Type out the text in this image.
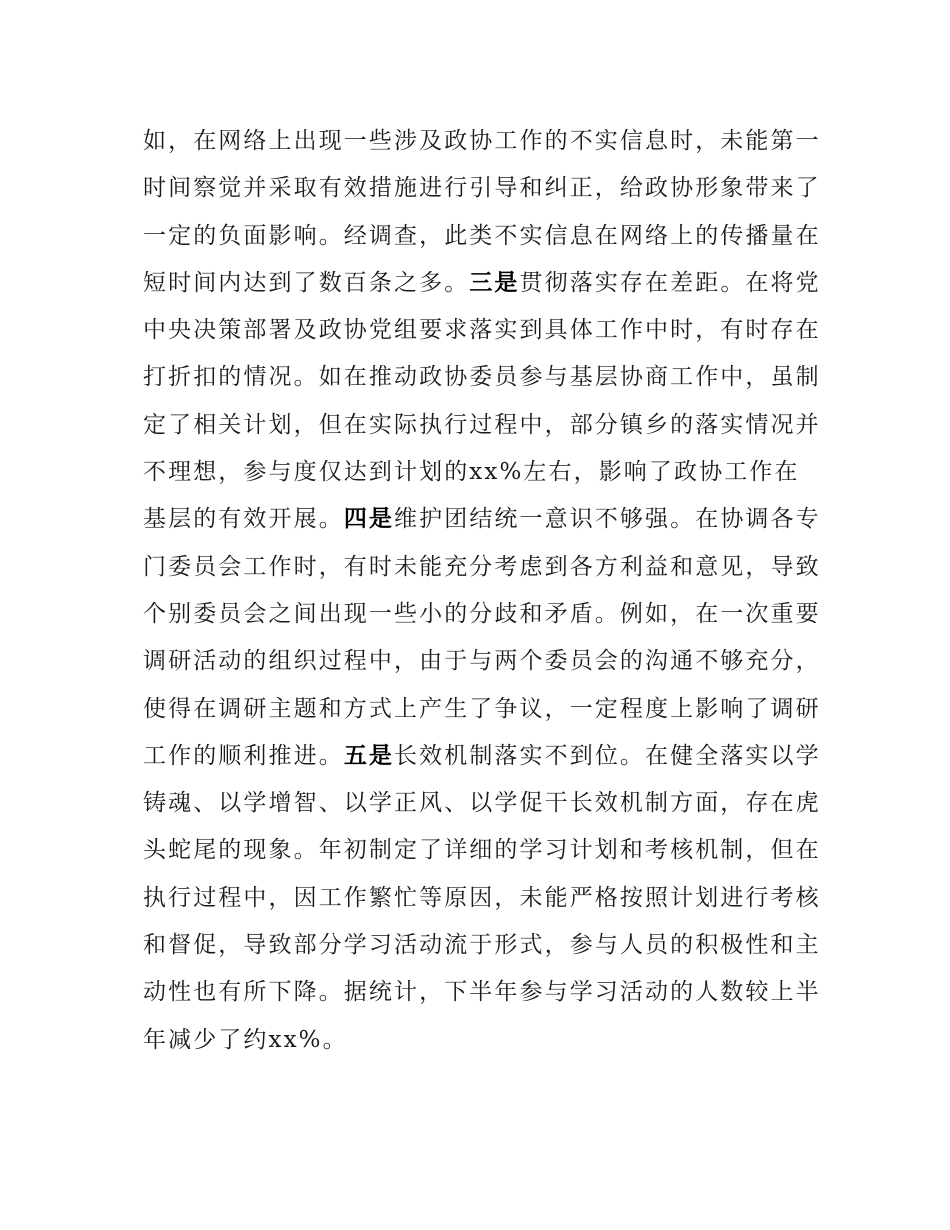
如，在网络上出现一些涉及政协工作的不实信息时，未能第一
时间察觉并采取有效措施进行引导和纠正，给政协形象带来了
一定的负面影响。经调查，此类不实信息在网络上的传播量在
短时间内达到了数百条之多。三是贯彻落实存在差距。在将党
中央决策部署及政协党组要求落实到具体工作中时，有时存在
打折扣的情况。如在推动政协委员参与基层协商工作中，虽制
定了相关计划，但在实际执行过程中，部分镇乡的落实情况并
不理想，参与度仅达到计划的xx%左右，影响了政协工作在
基层的有效开展。四是维护团结统一意识不够强。在协调各专
门委员会工作时，有时未能充分考虑到各方利益和意见，导致
个别委员会之间出现一些小的分歧和矛盾。例如，在一次重要
调研活动的组织过程中，由于与两个委员会的沟通不够充分，
使得在调研主题和方式上产生了争议，一定程度上影响了调研
工作的顺利推进。五是长效机制落实不到位。在健全落实以学
铸魂、以学增智、以学正风、以学促干长效机制方面，存在虎
头蛇尾的现象。年初制定了详细的学习计划和考核机制，但在
执行过程中，因工作繁忙等原因，未能严格按照计划进行考核
和督促，导致部分学习活动流于形式，参与人员的积极性和主
动性也有所下降。据统计，下半年参与学习活动的人数较上半
年减少了约xx%。
